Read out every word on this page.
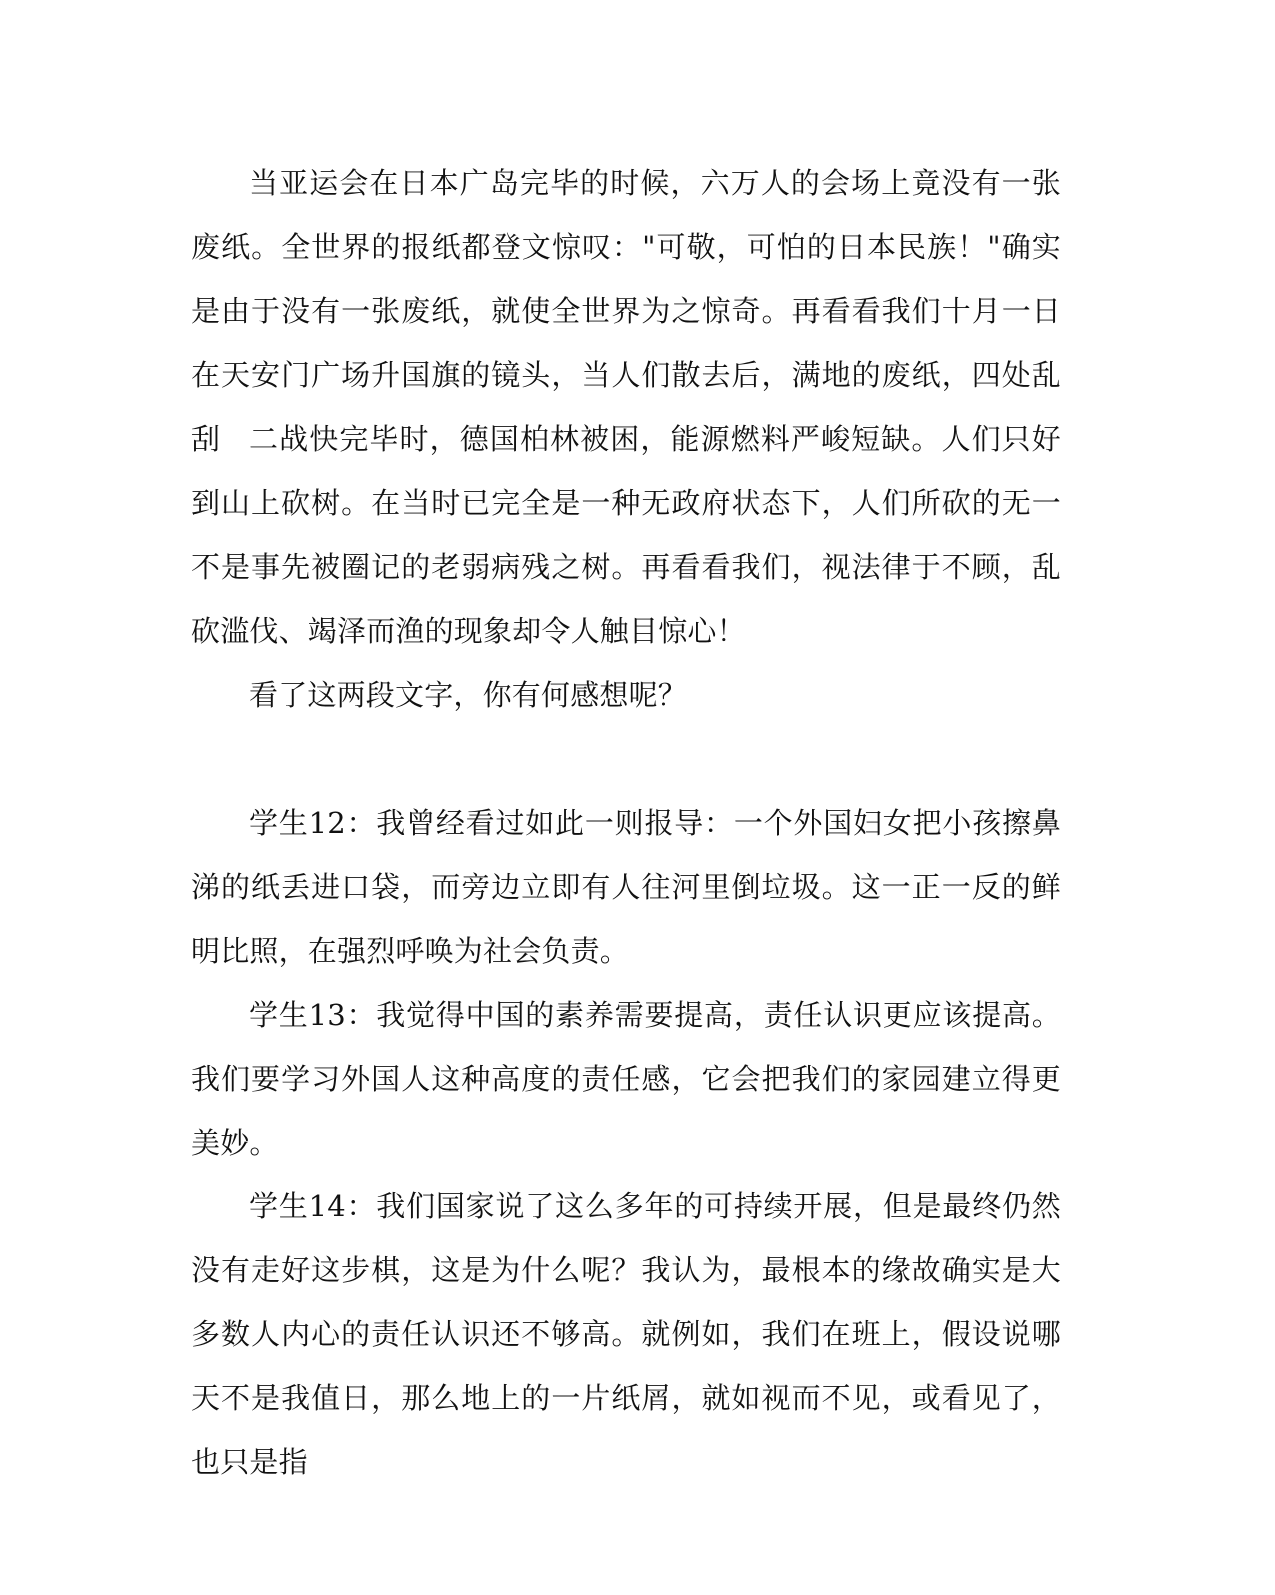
当亚运会在日本广岛完毕的时候，六万人的会场上竟没有一张废纸。全世界的报纸都登文惊叹："可敬，可怕的日本民族！"确实是由于没有一张废纸，就使全世界为之惊奇。再看看我们十月一日在天安门广场升国旗的镜头，当人们散去后，满地的废纸，四处乱刮 二战快完毕时，德国柏林被困，能源燃料严峻短缺。人们只好到山上砍树。在当时已完全是一种无政府状态下，人们所砍的无一不是事先被圈记的老弱病残之树。再看看我们，视法律于不顾，乱砍滥伐、竭泽而渔的现象却令人触目惊心！

看了这两段文字，你有何感想呢？

学生12：我曾经看过如此一则报导：一个外国妇女把小孩擦鼻涕的纸丢进口袋，而旁边立即有人往河里倒垃圾。这一正一反的鲜明比照，在强烈呼唤为社会负责。

学生13：我觉得中国的素养需要提高，责任认识更应该提高。我们要学习外国人这种高度的责任感，它会把我们的家园建立得更美妙。

学生14：我们国家说了这么多年的可持续开展，但是最终仍然没有走好这步棋，这是为什么呢？我认为，最根本的缘故确实是大多数人内心的责任认识还不够高。就例如，我们在班上，假设说哪天不是我值日，那么地上的一片纸屑，就如视而不见，或看见了，也只是指
